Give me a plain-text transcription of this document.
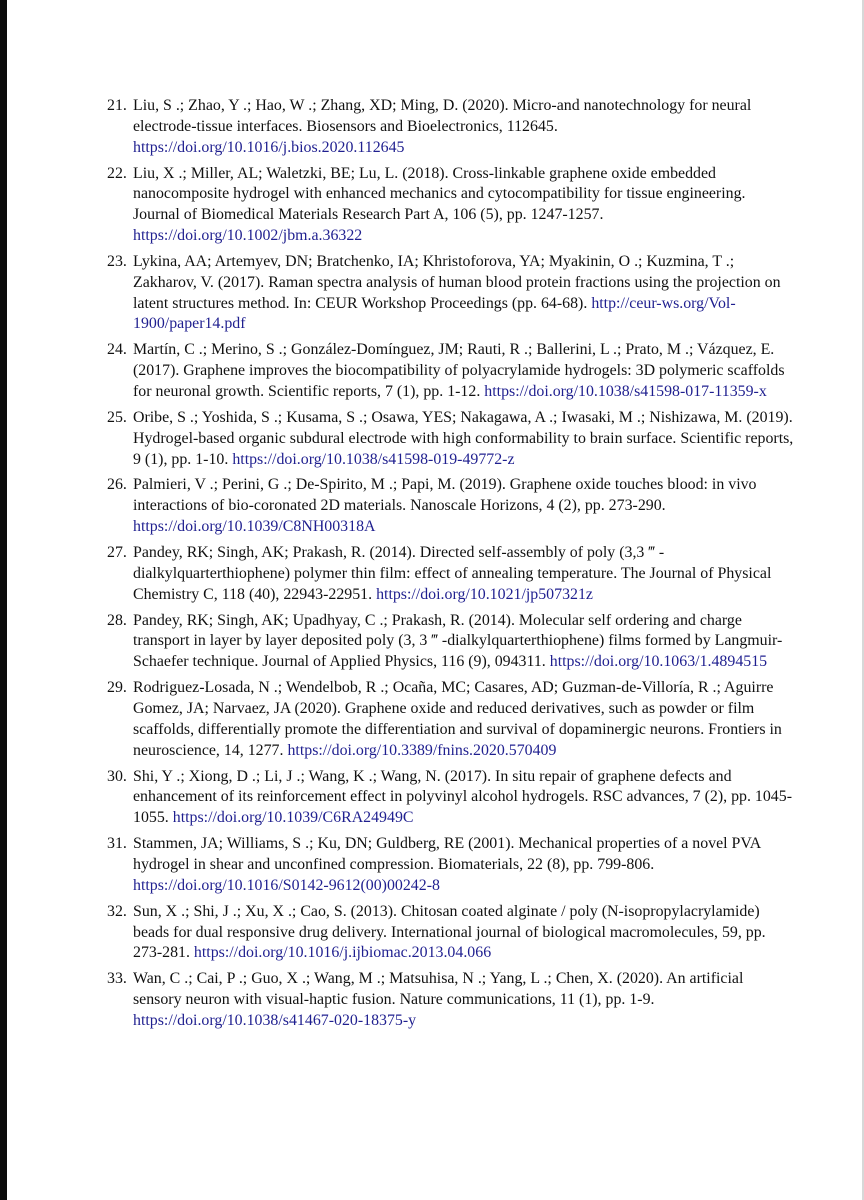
21. Liu, S .; Zhao, Y .; Hao, W .; Zhang, XD; Ming, D. (2020). Micro-and nanotechnology for neural electrode-tissue interfaces. Biosensors and Bioelectronics, 112645. https://doi.org/10.1016/j.bios.2020.112645
22. Liu, X .; Miller, AL; Waletzki, BE; Lu, L. (2018). Cross-linkable graphene oxide embedded nanocomposite hydrogel with enhanced mechanics and cytocompatibility for tissue engineering. Journal of Biomedical Materials Research Part A, 106 (5), pp. 1247-1257. https://doi.org/10.1002/jbm.a.36322
23. Lykina, AA; Artemyev, DN; Bratchenko, IA; Khristoforova, YA; Myakinin, O .; Kuzmina, T .; Zakharov, V. (2017). Raman spectra analysis of human blood protein fractions using the projection on latent structures method. In: CEUR Workshop Proceedings (pp. 64-68). http://ceur-ws.org/Vol-1900/paper14.pdf
24. Martín, C .; Merino, S .; González-Domínguez, JM; Rauti, R .; Ballerini, L .; Prato, M .; Vázquez, E. (2017). Graphene improves the biocompatibility of polyacrylamide hydrogels: 3D polymeric scaffolds for neuronal growth. Scientific reports, 7 (1), pp. 1-12. https://doi.org/10.1038/s41598-017-11359-x
25. Oribe, S .; Yoshida, S .; Kusama, S .; Osawa, YES; Nakagawa, A .; Iwasaki, M .; Nishizawa, M. (2019). Hydrogel-based organic subdural electrode with high conformability to brain surface. Scientific reports, 9 (1), pp. 1-10. https://doi.org/10.1038/s41598-019-49772-z
26. Palmieri, V .; Perini, G .; De-Spirito, M .; Papi, M. (2019). Graphene oxide touches blood: in vivo interactions of bio-coronated 2D materials. Nanoscale Horizons, 4 (2), pp. 273-290. https://doi.org/10.1039/C8NH00318A
27. Pandey, RK; Singh, AK; Prakash, R. (2014). Directed self-assembly of poly (3,3 ‴ -dialkylquarterthiophene) polymer thin film: effect of annealing temperature. The Journal of Physical Chemistry C, 118 (40), 22943-22951. https://doi.org/10.1021/jp507321z
28. Pandey, RK; Singh, AK; Upadhyay, C .; Prakash, R. (2014). Molecular self ordering and charge transport in layer by layer deposited poly (3, 3 ‴ -dialkylquarterthiophene) films formed by Langmuir-Schaefer technique. Journal of Applied Physics, 116 (9), 094311. https://doi.org/10.1063/1.4894515
29. Rodriguez-Losada, N .; Wendelbob, R .; Ocaña, MC; Casares, AD; Guzman-de-Villoría, R .; Aguirre Gomez, JA; Narvaez, JA (2020). Graphene oxide and reduced derivatives, such as powder or film scaffolds, differentially promote the differentiation and survival of dopaminergic neurons. Frontiers in neuroscience, 14, 1277. https://doi.org/10.3389/fnins.2020.570409
30. Shi, Y .; Xiong, D .; Li, J .; Wang, K .; Wang, N. (2017). In situ repair of graphene defects and enhancement of its reinforcement effect in polyvinyl alcohol hydrogels. RSC advances, 7 (2), pp. 1045-1055. https://doi.org/10.1039/C6RA24949C
31. Stammen, JA; Williams, S .; Ku, DN; Guldberg, RE (2001). Mechanical properties of a novel PVA hydrogel in shear and unconfined compression. Biomaterials, 22 (8), pp. 799-806. https://doi.org/10.1016/S0142-9612(00)00242-8
32. Sun, X .; Shi, J .; Xu, X .; Cao, S. (2013). Chitosan coated alginate / poly (N-isopropylacrylamide) beads for dual responsive drug delivery. International journal of biological macromolecules, 59, pp. 273-281. https://doi.org/10.1016/j.ijbiomac.2013.04.066
33. Wan, C .; Cai, P .; Guo, X .; Wang, M .; Matsuhisa, N .; Yang, L .; Chen, X. (2020). An artificial sensory neuron with visual-haptic fusion. Nature communications, 11 (1), pp. 1-9. https://doi.org/10.1038/s41467-020-18375-y
